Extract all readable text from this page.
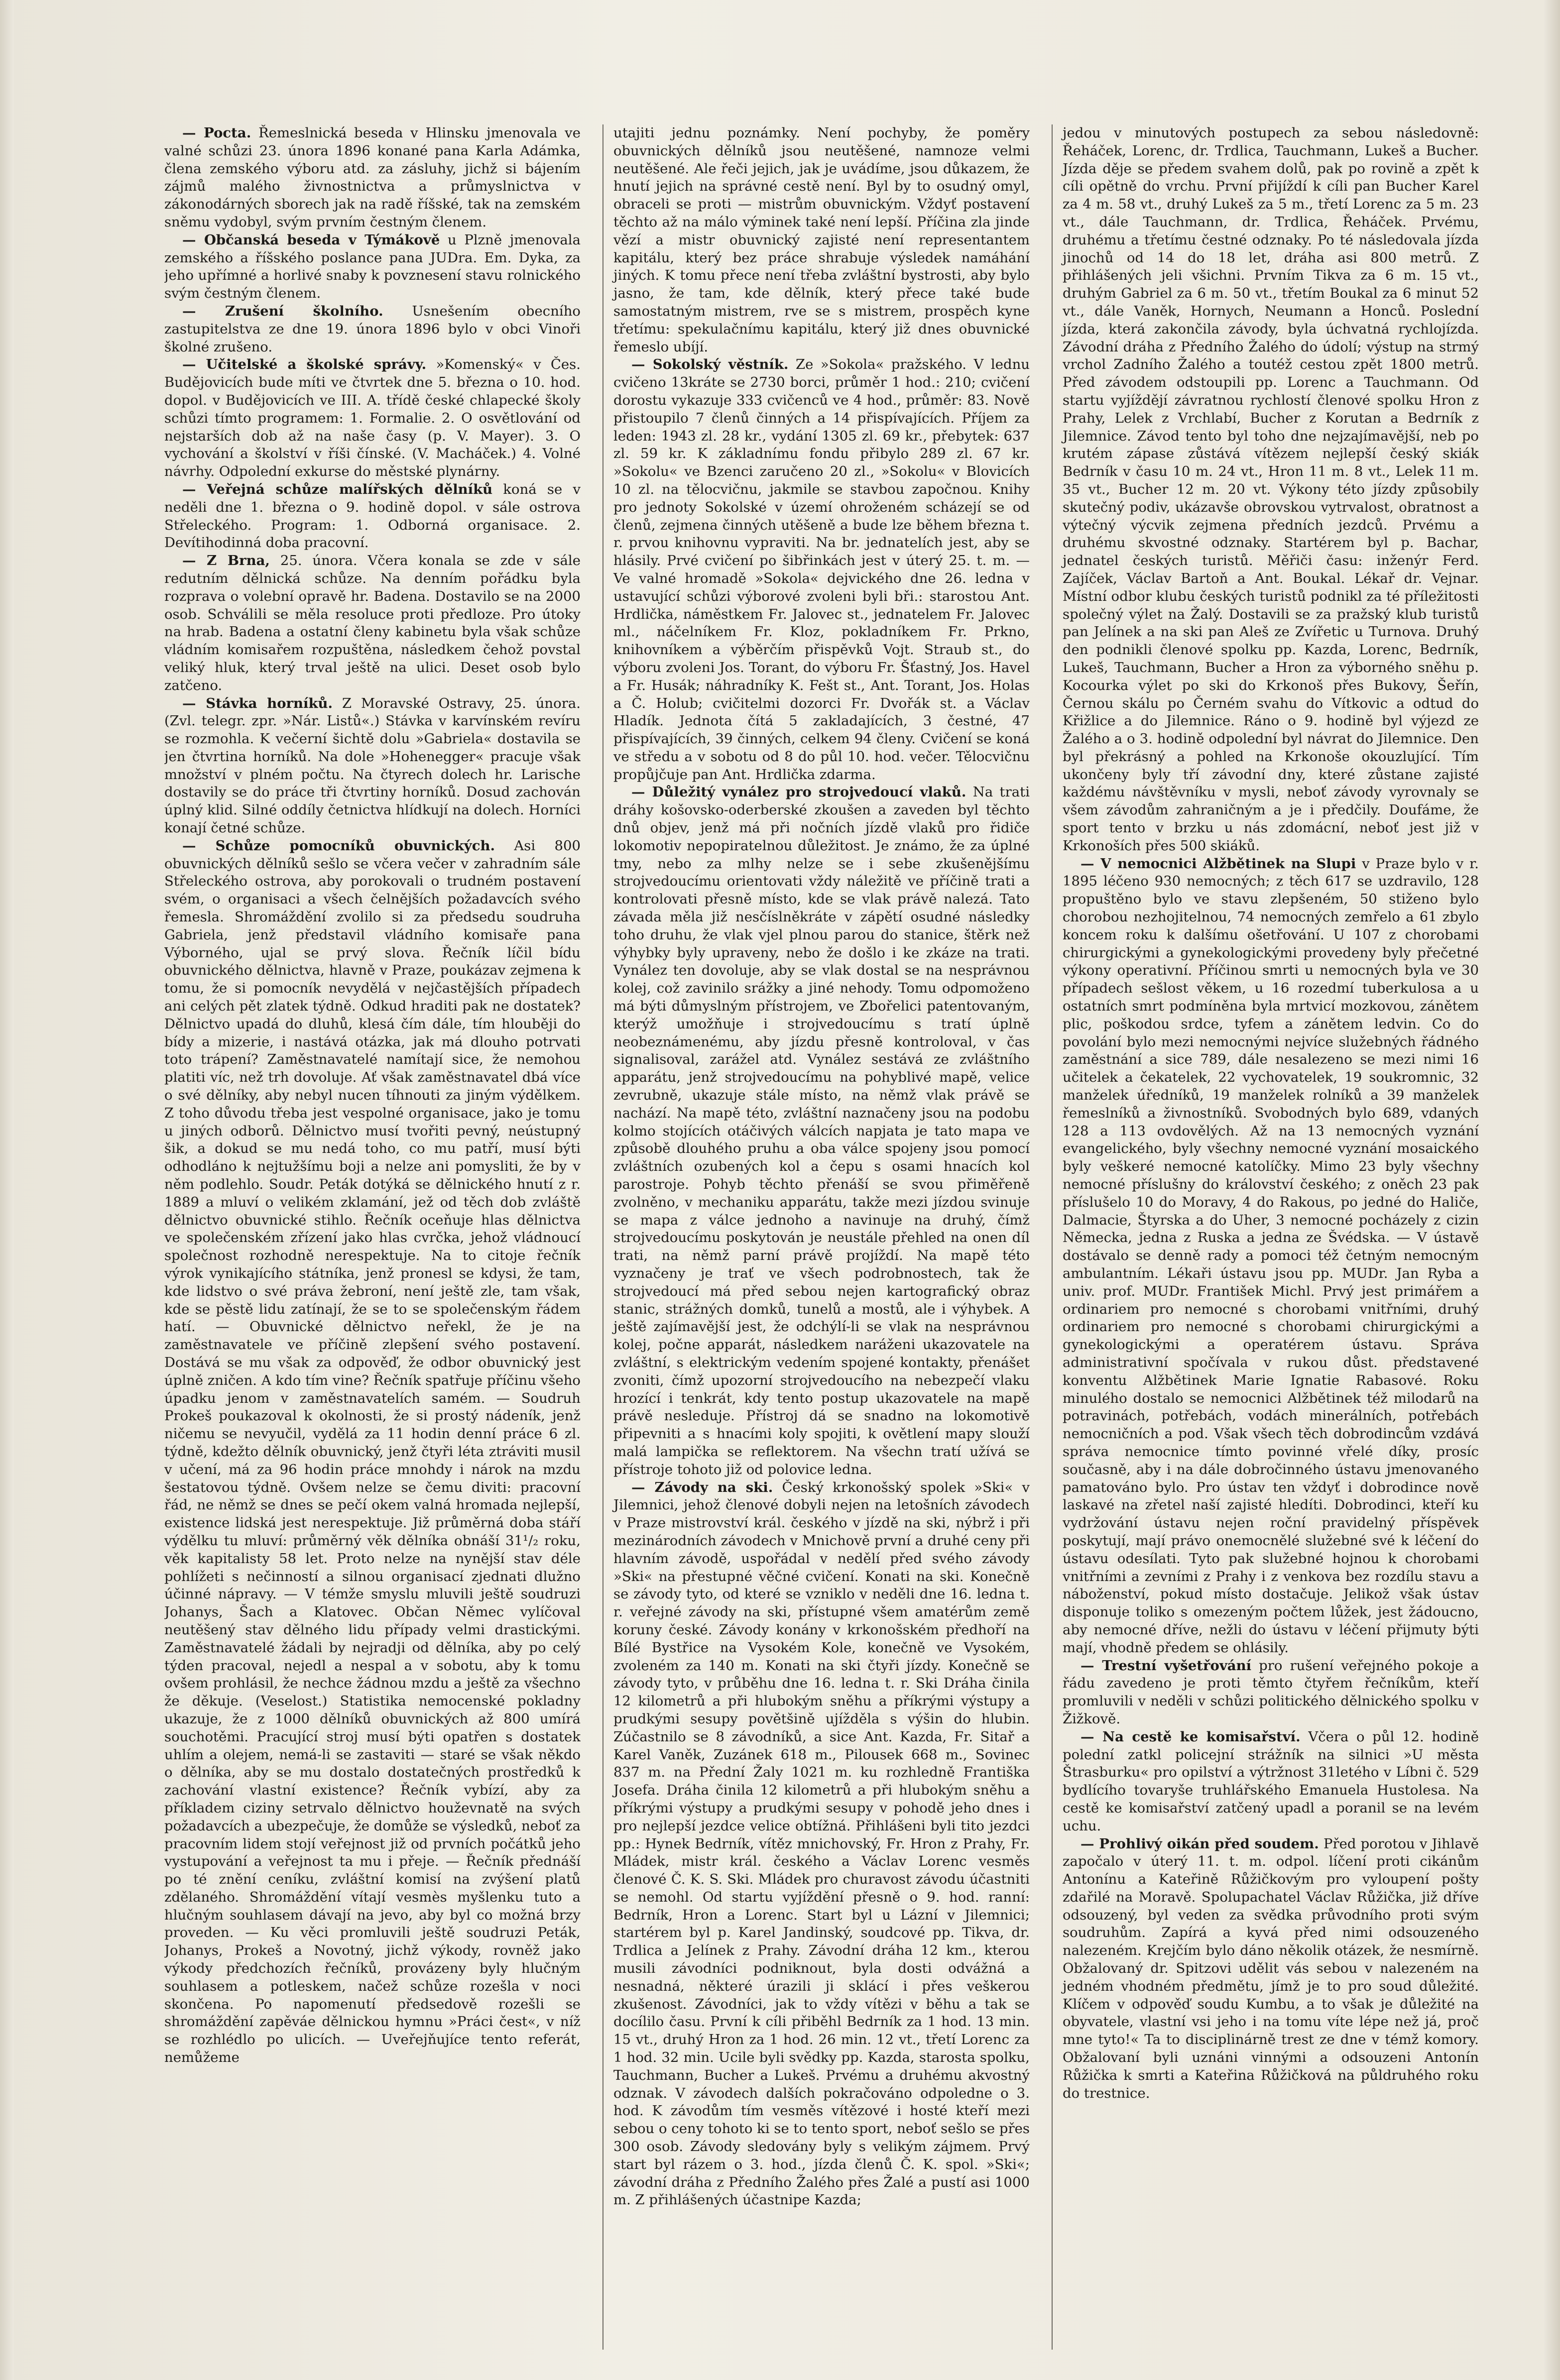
— Pocta. Řemeslnická beseda v Hlinsku jmenovala ve valné schůzi 23. února 1896 konané pana Karla Adámka, člena zemského výboru atd. za zásluhy, jichž si bájením zájmů malého živnostnictva a průmyslnictva v zákonodárných sborech jak na radě říšské, tak na zemském sněmu vydobyl, svým prvním čestným členem.

— Občanská beseda v Týmákově u Plzně jmenovala zemského a říšského poslance pana JUDra. Em. Dyka, za jeho upřímné a horlivé snaby k povznesení stavu rolnického svým čestným členem.

— Zrušení školního. Usnešením obecního zastupitelstva ze dne 19. února 1896 bylo v obci Vinoři školné zrušeno.

— Učitelské a školské správy. »Komenský« v Čes. Budějovicích bude míti ve čtvrtek dne 5. března o 10. hod. dopol. v Budějovicích ve III. A. třídě české chlapecké školy schůzi tímto programem: 1. Formalie. 2. O osvětlování od nejstarších dob až na naše časy (p. V. Mayer). 3. O vychování a školství v říši čínské. (V. Macháček.) 4. Volné návrhy. Odpolední exkurse do městské plynárny.

— Veřejná schůze malířských dělníků koná se v neděli dne 1. března o 9. hodině dopol. v sále ostrova Střeleckého. Program: 1. Odborná organisace. 2. Devítihodinná doba pracovní.

— Z Brna, 25. února. Včera konala se zde v sále redutním dělnická schůze. Na denním pořádku byla rozprava o volební opravě hr. Badena. Dostavilo se na 2000 osob. Schválili se měla resoluce proti předloze. Pro útoky na hrab. Badena a ostatní členy kabinetu byla však schůze vládním komisařem rozpuštěna, následkem čehož povstal veliký hluk, který trval ještě na ulici. Deset osob bylo zatčeno.

— Stávka horníků. Z Moravské Ostravy, 25. února. (Zvl. telegr. zpr. »Nár. Listů«.) Stávka v karvínském revíru se rozmohla. K večerní šichtě dolu »Gabriela« dostavila se jen čtvrtina horníků. Na dole »Hohenegger« pracuje však množství v plném počtu. Na čtyrech dolech hr. Larische dostavily se do práce tři čtvrtiny horníků. Dosud zachován úplný klid. Silné oddíly četnictva hlídkují na dolech. Horníci konají četné schůze.

— Schůze pomocníků obuvnických. Asi 800 obuvnických dělníků sešlo se včera večer v zahradním sále Střeleckého ostrova, aby porokovali o trudném postavení svém, o organisaci a všech čelnějších požadavcích svého řemesla. Shromáždění zvolilo si za předsedu soudruha Gabriela, jenž představil vládního komisaře pana Výborného, ujal se prvý slova. Řečník líčil bídu obuvnického dělnictva, hlavně v Praze, poukázav zejmena k tomu, že si pomocník nevydělá v nejčastějších případech ani celých pět zlatek týdně. Odkud hraditi pak ne dostatek? Dělnictvo upadá do dluhů, klesá čím dále, tím hlouběji do bídy a mizerie, i nastává otázka, jak má dlouho potrvati toto trápení? Zaměstnavatelé namítají sice, že nemohou platiti víc, než trh dovoluje. Ať však zaměstnavatel dbá více o své dělníky, aby nebyl nucen tíhnouti za jiným výdělkem. Z toho důvodu třeba jest vespolné organisace, jako je tomu u jiných odborů. Dělnictvo musí tvořiti pevný, neústupný šik, a dokud se mu nedá toho, co mu patří, musí býti odhodláno k nejtužšímu boji a nelze ani pomysliti, že by v něm podlehlo. Soudr. Peták dotýká se dělnického hnutí z r. 1889 a mluví o velikém zklamání, jež od těch dob zvláště dělnictvo obuvnické stihlo. Řečník oceňuje hlas dělnictva ve společenském zřízení jako hlas cvrčka, jehož vládnoucí společnost rozhodně nerespektuje. Na to citoje řečník výrok vynikajícího státníka, jenž pronesl se kdysi, že tam, kde lidstvo o své práva žebroní, není ještě zle, tam však, kde se pěstě lidu zatínají, že se to se společenským řádem hatí. — Obuvnické dělnictvo neřekl, že je na zaměstnavatele ve příčině zlepšení svého postavení. Dostává se mu však za odpověď, že odbor obuvnický jest úplně zničen. A kdo tím vine? Řečník spatřuje příčinu všeho úpadku jenom v zaměstnavatelích samém. — Soudruh Prokeš poukazoval k okolnosti, že si prostý nádeník, jenž ničemu se nevyučil, vydělá za 11 hodin denní práce 6 zl. týdně, kdežto dělník obuvnický, jenž čtyři léta ztráviti musil v učení, má za 96 hodin práce mnohdy i nárok na mzdu šestatovou týdně. Ovšem nelze se čemu diviti: pracovní řád, ne němž se dnes se pečí okem valná hromada nejlepší, existence lidská jest nerespektuje. Již průměrná doba stáří výdělku tu mluví: průměrný věk dělníka obnáší 31¹/₂ roku, věk kapitalisty 58 let. Proto nelze na nynější stav déle pohlížeti s nečinností a silnou organisací zjednati dlužno účinné nápravy. — V témže smyslu mluvili ještě soudruzi Johanys, Šach a Klatovec. Občan Němec vylíčoval neutěšený stav dělného lidu případy velmi drastickými. Zaměstnavatelé žádali by nejradji od dělníka, aby po celý týden pracoval, nejedl a nespal a v sobotu, aby k tomu ovšem prohlásil, že nechce žádnou mzdu a ještě za všechno že děkuje. (Veselost.) Statistika nemocenské pokladny ukazuje, že z 1000 dělníků obuvnických až 800 umírá souchotěmi. Pracující stroj musí býti opatřen s dostatek uhlím a olejem, nemá-li se zastaviti — staré se však někdo o dělníka, aby se mu dostalo dostatečných prostředků k zachování vlastní existence? Řečník vybízí, aby za příkladem ciziny setrvalo dělnictvo houževnatě na svých požadavcích a ubezpečuje, že domůže se výsledků, neboť za pracovním lidem stojí veřejnost již od prvních počátků jeho vystupování a veřejnost ta mu i přeje. — Řečník přednáší po té znění ceníku, zvláštní komisí na zvýšení platů zdělaného. Shromáždění vítají vesmès myšlenku tuto a hlučným souhlasem dávají na jevo, aby byl co možná brzy proveden. — Ku věci promluvili ještě soudruzi Peták, Johanys, Prokeš a Novotný, jichž výkody, rovněž jako výkody předchozích řečníků, provázeny byly hlučným souhlasem a potleskem, načež schůze rozešla v noci skončena. Po napomenutí předsedově rozešli se shromáždění zapěváe dělnickou hymnu »Práci čest«, v níž se rozhlédlo po ulicích. — Uveřejňujíce tento referát, nemůžeme

utajiti jednu poznámky. Není pochyby, že poměry obuvnických dělníků jsou neutěšené, namnoze velmi neutěšené. Ale řeči jejich, jak je uvádíme, jsou důkazem, že hnutí jejich na správné cestě není. Byl by to osudný omyl, obraceli se proti — mistrům obuvnickým. Vždyť postavení těchto až na málo výminek také není lepší. Příčina zla jinde vězí a mistr obuvnický zajisté není representantem kapitálu, který bez práce shrabuje výsledek namáhání jiných. K tomu přece není třeba zvláštní bystrosti, aby bylo jasno, že tam, kde dělník, který přece také bude samostatným mistrem, rve se s mistrem, prospěch kyne třetímu: spekulačnímu kapitálu, který již dnes obuvnické řemeslo ubíjí.

— Sokolský věstník. Ze »Sokola« pražského. V lednu cvičeno 13kráte se 2730 borci, průměr 1 hod.: 210; cvičení dorostu vykazuje 333 cvičenců ve 4 hod., průměr: 83. Nově přistoupilo 7 členů činných a 14 přispívajících. Příjem za leden: 1943 zl. 28 kr., vydání 1305 zl. 69 kr., přebytek: 637 zl. 59 kr. K základnímu fondu přibylo 289 zl. 67 kr. »Sokolu« ve Bzenci zaručeno 20 zl., »Sokolu« v Blovicích 10 zl. na tělocvičnu, jakmile se stavbou započnou. Knihy pro jednoty Sokolské v území ohroženém scházejí se od členů, zejmena činných utěšeně a bude lze během března t. r. prvou knihovnu vypraviti. Na br. jednatelích jest, aby se hlásily. Prvé cvičení po šibřinkách jest v úterý 25. t. m. — Ve valné hromadě »Sokola« dejvického dne 26. ledna v ustavující schůzi výborové zvoleni byli bři.: starostou Ant. Hrdlička, náměstkem Fr. Jalovec st., jednatelem Fr. Jalovec ml., náčelníkem Fr. Kloz, pokladníkem Fr. Prkno, knihovníkem a výběrčím přispěvků Vojt. Straub st., do výboru zvoleni Jos. Torant, do výboru Fr. Šťastný, Jos. Havel a Fr. Husák; náhradníky K. Fešt st., Ant. Torant, Jos. Holas a Č. Holub; cvičitelmi dozorci Fr. Dvořák st. a Václav Hladík. Jednota čítá 5 zakladajících, 3 čestné, 47 přispívajících, 39 činných, celkem 94 členy. Cvičení se koná ve středu a v sobotu od 8 do půl 10. hod. večer. Tělocvičnu propůjčuje pan Ant. Hrdlička zdarma.

— Důležitý vynález pro strojvedoucí vlaků. Na trati dráhy košovsko-oderberské zkoušen a zaveden byl těchto dnů objev, jenž má při nočních jízdě vlaků pro řidiče lokomotiv nepopiratelnou důležitost. Je známo, že za úplné tmy, nebo za mlhy nelze se i sebe zkušenějšímu strojvedoucímu orientovati vždy náležitě ve příčině trati a kontrolovati přesně místo, kde se vlak právě nalezá. Tato závada měla již nesčíslněkráte v zápětí osudné následky toho druhu, že vlak vjel plnou parou do stanice, štěrk než výhybky byly upraveny, nebo že došlo i ke zkáze na trati. Vynález ten dovoluje, aby se vlak dostal se na nesprávnou kolej, což zavinilo srážky a jiné nehody. Tomu odpomoženo má býti důmyslným přístrojem, ve Zbořelici patentovaným, kterýž umožňuje i strojvedoucímu s tratí úplně neobeznámenému, aby jízdu přesně kontroloval, v čas signalisoval, zarážel atd. Vynález sestává ze zvláštního apparátu, jenž strojvedoucímu na pohyblivé mapě, velice zevrubně, ukazuje stále místo, na němž vlak právě se nachází. Na mapě této, zvláštní naznačeny jsou na podobu kolmo stojících otáčivých válcích napjata je tato mapa ve způsobě dlouhého pruhu a oba válce spojeny jsou pomocí zvláštních ozubených kol a čepu s osami hnacích kol parostroje. Pohyb těchto přenáší se svou přiměřeně zvolněno, v mechaniku apparátu, takže mezi jízdou svinuje se mapa z válce jednoho a navinuje na druhý, čímž strojvedoucímu poskytován je neustále přehled na onen díl trati, na němž parní právě projíždí. Na mapě této vyznačeny je trať ve všech podrobnostech, tak že strojvedoucí má před sebou nejen kartografický obraz stanic, strážných domků, tunelů a mostů, ale i výhybek. A ještě zajímavější jest, že odchýlí-li se vlak na nesprávnou kolej, počne apparát, následkem naráženi ukazovatele na zvláštní, s elektrickým vedením spojené kontakty, přenášet zvoniti, čímž upozorní strojvedoucího na nebezpečí vlaku hrozící i tenkrát, kdy tento postup ukazovatele na mapě právě nesleduje. Přístroj dá se snadno na lokomotivě připevniti a s hnacími koly spojiti, k ovětlení mapy slouží malá lampička se reflektorem. Na všechn tratí užívá se přístroje tohoto již od polovice ledna.

— Závody na ski. Český krkonošský spolek »Ski« v Jilemnici, jehož členové dobyli nejen na letošních závodech v Praze mistrovství král. českého v jízdě na ski, nýbrž i při mezinárodních závodech v Mnichově první a druhé ceny při hlavním závodě, uspořádal v nedělí před svého závody »Ski« na přestupné věčné cvičení. Konati na ski. Konečně se závody tyto, od které se vzniklo v neděli dne 16. ledna t. r. veřejné závody na ski, přístupné všem amatérům země koruny české. Závody konány v krkonošském předhoří na Bílé Bystřice na Vysokém Kole, konečně ve Vysokém, zvoleném za 140 m. Konati na ski čtyři jízdy. Konečně se závody tyto, v průběhu dne 16. ledna t. r. Ski Dráha činila 12 kilometrů a při hlubokým sněhu a příkrými výstupy a prudkými sesupy povětšině ujížděla s výšin do hlubin. Zúčastnilo se 8 závodníků, a sice Ant. Kazda, Fr. Sitař a Karel Vaněk, Zuzánek 618 m., Pilousek 668 m., Sovinec 837 m. na Přední Žaly 1021 m. ku rozhledně Františka Josefa. Dráha činila 12 kilometrů a při hlubokým sněhu a příkrými výstupy a prudkými sesupy v pohodě jeho dnes i pro nejlepší jezdce velice obtížná. Přihlášeni byli tito jezdci pp.: Hynek Bedrník, vítěz mnichovský, Fr. Hron z Prahy, Fr. Mládek, mistr král. českého a Václav Lorenc vesměs členové Č. K. S. Ski. Mládek pro churavost závodu účastniti se nemohl. Od startu vyjíždění přesně o 9. hod. ranní: Bedrník, Hron a Lorenc. Start byl u Lázní v Jilemnici; startérem byl p. Karel Jandinský, soudcové pp. Tikva, dr. Trdlica a Jelínek z Prahy. Závodní dráha 12 km., kterou musili závodníci podniknout, byla dosti odvážná a nesnadná, některé úrazili ji sklácí i přes veškerou zkušenost. Závodníci, jak to vždy vítězi v běhu a tak se docílilo času. První k cíli přiběhl Bedrník za 1 hod. 13 min. 15 vt., druhý Hron za 1 hod. 26 min. 12 vt., třetí Lorenc za 1 hod. 32 min. Ucile byli svědky pp. Kazda, starosta spolku, Tauchmann, Bucher a Lukeš. Prvému a druhému akvostný odznak. V závodech dalších pokračováno odpoledne o 3. hod. K závodům tím vesměs vítězové i hosté kteří mezi sebou o ceny tohoto ki se to tento sport, neboť sešlo se přes 300 osob. Závody sledovány byly s velikým zájmem. Prvý start byl rázem o 3. hod., jízda členů Č. K. spol. »Ski«; závodní dráha z Předního Žalého přes Žalé a pustí asi 1000 m. Z přihlášených účastnipe Kazda;

jedou v minutových postupech za sebou následovně: Řeháček, Lorenc, dr. Trdlica, Tauchmann, Lukeš a Bucher. Jízda děje se předem svahem dolů, pak po rovině a zpět k cíli opětně do vrchu. První přijíždí k cíli pan Bucher Karel za 4 m. 58 vt., druhý Lukeš za 5 m., třetí Lorenc za 5 m. 23 vt., dále Tauchmann, dr. Trdlica, Řeháček. Prvému, druhému a třetímu čestné odznaky. Po té následovala jízda jinochů od 14 do 18 let, dráha asi 800 metrů. Z přihlášených jeli všichni. Prvním Tikva za 6 m. 15 vt., druhým Gabriel za 6 m. 50 vt., třetím Boukal za 6 minut 52 vt., dále Vaněk, Hornych, Neumann a Honců. Poslední jízda, která zakončila závody, byla úchvatná rychlojízda. Závodní dráha z Předního Žalého do údolí; výstup na strmý vrchol Zadního Žalého a toutéž cestou zpět 1800 metrů. Před závodem odstoupili pp. Lorenc a Tauchmann. Od startu vyjíždějí závratnou rychlostí členové spolku Hron z Prahy, Lelek z Vrchlabí, Bucher z Korutan a Bedrník z Jilemnice. Závod tento byl toho dne nejzajímavější, neb po krutém zápase zůstává vítězem nejlepší český skiák Bedrník v času 10 m. 24 vt., Hron 11 m. 8 vt., Lelek 11 m. 35 vt., Bucher 12 m. 20 vt. Výkony této jízdy způsobily skutečný podiv, ukázavše obrovskou vytrvalost, obratnost a výtečný výcvik zejmena předních jezdců. Prvému a druhému skvostné odznaky. Startérem byl p. Bachar, jednatel českých turistů. Měřiči času: inženýr Ferd. Zajíček, Václav Bartoň a Ant. Boukal. Lékař dr. Vejnar. Místní odbor klubu českých turistů podnikl za té příležitosti společný výlet na Žalý. Dostavili se za pražský klub turistů pan Jelínek a na ski pan Aleš ze Zvířetic u Turnova. Druhý den podnikli členové spolku pp. Kazda, Lorenc, Bedrník, Lukeš, Tauchmann, Bucher a Hron za výborného sněhu p. Kocourka výlet po ski do Krkonoš přes Bukovy, Šeřín, Černou skálu po Černém svahu do Vítkovic a odtud do Křižlice a do Jilemnice. Ráno o 9. hodině byl výjezd ze Žalého a o 3. hodině odpolední byl návrat do Jilemnice. Den byl překrásný a pohled na Krkonoše okouzlující. Tím ukončeny byly tří závodní dny, které zůstane zajisté každému návštěvníku v mysli, neboť závody vyrovnaly se všem závodům zahraničným a je i předčily. Doufáme, že sport tento v brzku u nás zdomácní, neboť jest již v Krkonoších přes 500 skiáků.

— V nemocnici Alžbětinek na Slupi v Praze bylo v r. 1895 léčeno 930 nemocných; z těch 617 se uzdravilo, 128 propuštěno bylo ve stavu zlepšeném, 50 stiženo bylo chorobou nezhojitelnou, 74 nemocných zemřelo a 61 zbylo koncem roku k dalšímu ošetřování. U 107 z chorobami chirurgickými a gynekologickými provedeny byly přečetné výkony operativní. Příčinou smrti u nemocných byla ve 30 případech sešlost věkem, u 16 rozedmí tuberkulosa a u ostatních smrt podmíněna byla mrtvicí mozkovou, zánětem plic, poškodou srdce, tyfem a zánětem ledvin. Co do povolání bylo mezi nemocnými nejvíce služebných řádného zaměstnání a sice 789, dále nesalezeno se mezi nimi 16 učitelek a čekatelek, 22 vychovatelek, 19 soukromnic, 32 manželek úředníků, 19 manželek rolníků a 39 manželek řemeslníků a živnostníků. Svobodných bylo 689, vdaných 128 a 113 ovdovělých. Až na 13 nemocných vyznání evangelického, byly všechny nemocné vyznání mosaického byly veškeré nemocné katolíčky. Mimo 23 byly všechny nemocné příslušny do království českého; z oněch 23 pak příslušelo 10 do Moravy, 4 do Rakous, po jedné do Haliče, Dalmacie, Štyrska a do Uher, 3 nemocné pocházely z cizin Německa, jedna z Ruska a jedna ze Švédska. — V ústavě dostávalo se denně rady a pomoci též četným nemocným ambulantním. Lékaři ústavu jsou pp. MUDr. Jan Ryba a univ. prof. MUDr. František Michl. Prvý jest primářem a ordinariem pro nemocné s chorobami vnitřními, druhý ordinariem pro nemocné s chorobami chirurgickými a gynekologickými a operatérem ústavu. Správa administrativní spočívala v rukou důst. představené konventu Alžbětinek Marie Ignatie Rabasové. Roku minulého dostalo se nemocnici Alžbětinek též milodarů na potravinách, potřebách, vodách minerálních, potřebách nemocničních a pod. Však všech těch dobrodincům vzdává správa nemocnice tímto povinné vřelé díky, prosíc současně, aby i na dále dobročinného ústavu jmenovaného pamatováno bylo. Pro ústav ten vždyť i dobrodince nově laskavé na zřetel naší zajisté hledíti. Dobrodinci, kteří ku vydržování ústavu nejen roční pravidelný příspěvek poskytují, mají právo onemocnělé služebné své k léčení do ústavu odesílati. Tyto pak služebné hojnou k chorobami vnitřními a zevními z Prahy i z venkova bez rozdílu stavu a náboženství, pokud místo dostačuje. Jelikož však ústav disponuje toliko s omezeným počtem lůžek, jest žádoucno, aby nemocné dříve, nežli do ústavu v léčení přijmuty býti mají, vhodně předem se ohlásily.

— Trestní vyšetřování pro rušení veřejného pokoje a řádu zavedeno je proti těmto čtyřem řečníkům, kteří promluvili v neděli v schůzi politického dělnického spolku v Žižkově.

— Na cestě ke komisařství. Včera o půl 12. hodině polední zatkl policejní strážník na silnici »U města Štrasburku« pro opilství a výtržnost 31letého v Líbni č. 529 bydlícího tovaryše truhlářského Emanuela Hustolesa. Na cestě ke komisařství zatčený upadl a poranil se na levém uchu.

— Prohlivý oikán před soudem. Před porotou v Jihlavě započalo v úterý 11. t. m. odpol. líčení proti cikánům Antonínu a Kateřině Růžičkovým pro vyloupení pošty zdařilé na Moravě. Spolupachatel Václav Růžička, již dříve odsouzený, byl veden za svědka průvodního proti svým soudruhům. Zapírá a kyvá před nimi odsouzeného nalezeném. Krejčím bylo dáno několik otázek, že nesmírně. Obžalovaný dr. Spitzovi udělit vás sebou v nalezeném na jedném vhodném předmětu, jímž je to pro soud důležité. Klíčem v odpověď soudu Kumbu, a to však je důležité na obyvatele, vlastní vsi jeho i na tomu víte lépe než já, proč mne tyto!« Ta to disciplinárně trest ze dne v témž komory. Obžalovaní byli uznáni vinnými a odsouzeni Antonín Růžička k smrti a Kateřina Růžičková na půldruhého roku do trestnice.
